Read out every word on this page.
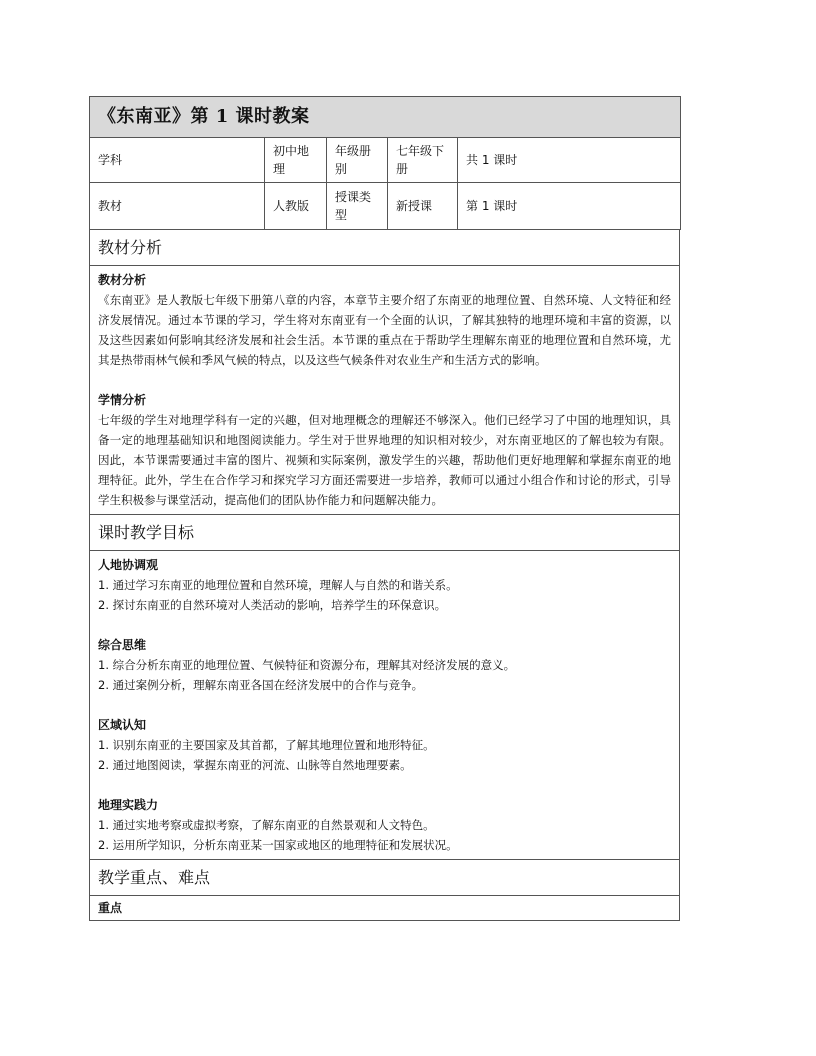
《东南亚》第 1 课时教案				
学科	初中地理	年级册别	七年级下册	共 1 课时
教材	人教版	授课类型	新授课	第 1 课时
教材分析
教材分析
《东南亚》是人教版七年级下册第八章的内容，本章节主要介绍了东南亚的地理位置、自然环境、人文特征和经济发展情况。通过本节课的学习，学生将对东南亚有一个全面的认识，了解其独特的地理环境和丰富的资源，以及这些因素如何影响其经济发展和社会生活。本节课的重点在于帮助学生理解东南亚的地理位置和自然环境，尤其是热带雨林气候和季风气候的特点，以及这些气候条件对农业生产和生活方式的影响。
学情分析
七年级的学生对地理学科有一定的兴趣，但对地理概念的理解还不够深入。他们已经学习了中国的地理知识，具备一定的地理基础知识和地图阅读能力。学生对于世界地理的知识相对较少，对东南亚地区的了解也较为有限。因此，本节课需要通过丰富的图片、视频和实际案例，激发学生的兴趣，帮助他们更好地理解和掌握东南亚的地理特征。此外，学生在合作学习和探究学习方面还需要进一步培养，教师可以通过小组合作和讨论的形式，引导学生积极参与课堂活动，提高他们的团队协作能力和问题解决能力。
课时教学目标
人地协调观
1. 通过学习东南亚的地理位置和自然环境，理解人与自然的和谐关系。
2. 探讨东南亚的自然环境对人类活动的影响，培养学生的环保意识。
综合思维
1. 综合分析东南亚的地理位置、气候特征和资源分布，理解其对经济发展的意义。
2. 通过案例分析，理解东南亚各国在经济发展中的合作与竞争。
区域认知
1. 识别东南亚的主要国家及其首都，了解其地理位置和地形特征。
2. 通过地图阅读，掌握东南亚的河流、山脉等自然地理要素。
地理实践力
1. 通过实地考察或虚拟考察，了解东南亚的自然景观和人文特色。
2. 运用所学知识，分析东南亚某一国家或地区的地理特征和发展状况。
教学重点、难点
重点
